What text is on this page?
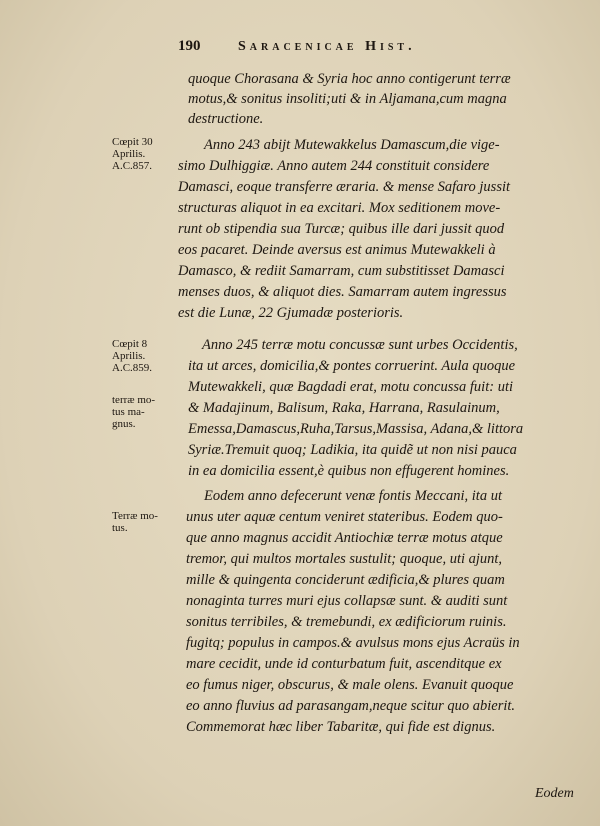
190	Saracenicae Hist.
quoque Chorasana & Syria hoc anno contigerunt terræ
motus,& sonitus insoliti;uti & in Aljamana,cum magna
destructione.
Anno 243 abijt Mutewakkelus Damascum,die vige-
simo Dulhiggiæ. Anno autem 244 constituit considere
Damasci, eoque transferre æraria. & mense Safaro jussit
structuras aliquot in ea excitari. Mox seditionem move-
runt ob stipendia sua Turcæ; quibus ille dari jussit quod
eos pacaret. Deinde aversus est animus Mutewakkeli à
Damasco, & rediit Samarram, cum substitisset Damasci
menses duos, & aliquot dies. Samarram autem ingressus
est die Lunæ, 22 Gjumadæ posterioris.
Anno 245 terræ motu concussæ sunt urbes Occidentis,
ita ut arces, domicilia,& pontes corruerint. Aula quoque
Mutewakkeli, quæ Bagdadi erat, motu concussa fuit: uti
& Madajinum, Balisum, Raka, Harrana, Rasulainum,
Emessa,Damascus,Ruha,Tarsus,Massisa, Adana,& littora
Syriæ.Tremuit quoq; Ladikia, ita quidẽ ut non nisi pauca
in ea domicilia essent,è quibus non effugerent homines.
Eodem anno defecerunt venæ fontis Meccani, ita ut
unus uter aquæ centum veniret stateribus. Eodem quo-
que anno magnus accidit Antiochiæ terræ motus atque
tremor, qui multos mortales sustulit; quoque, uti ajunt,
mille & quingenta conciderunt ædificia,& plures quam
nonaginta turres muri ejus collapsæ sunt. & auditi sunt
sonitus terribiles, & tremebundi, ex ædificiorum ruinis.
fugitq; populus in campos.& avulsus mons ejus Acraüs in
mare cecidit, unde id conturbatum fuit, ascenditque ex
eo fumus niger, obscurus, & male olens. Evanuit quoque
eo anno fluvius ad parasangam,neque scitur quo abierit.
Commemorat hæc liber Tabaritæ, qui fide est dignus.
Cœpit 30
Aprilis.
A.C.857.
Cœpit 8
Aprilis.
A.C.859.
terræ mo-
tus ma-
gnus.
Terræ mo-
tus.
Eodem
